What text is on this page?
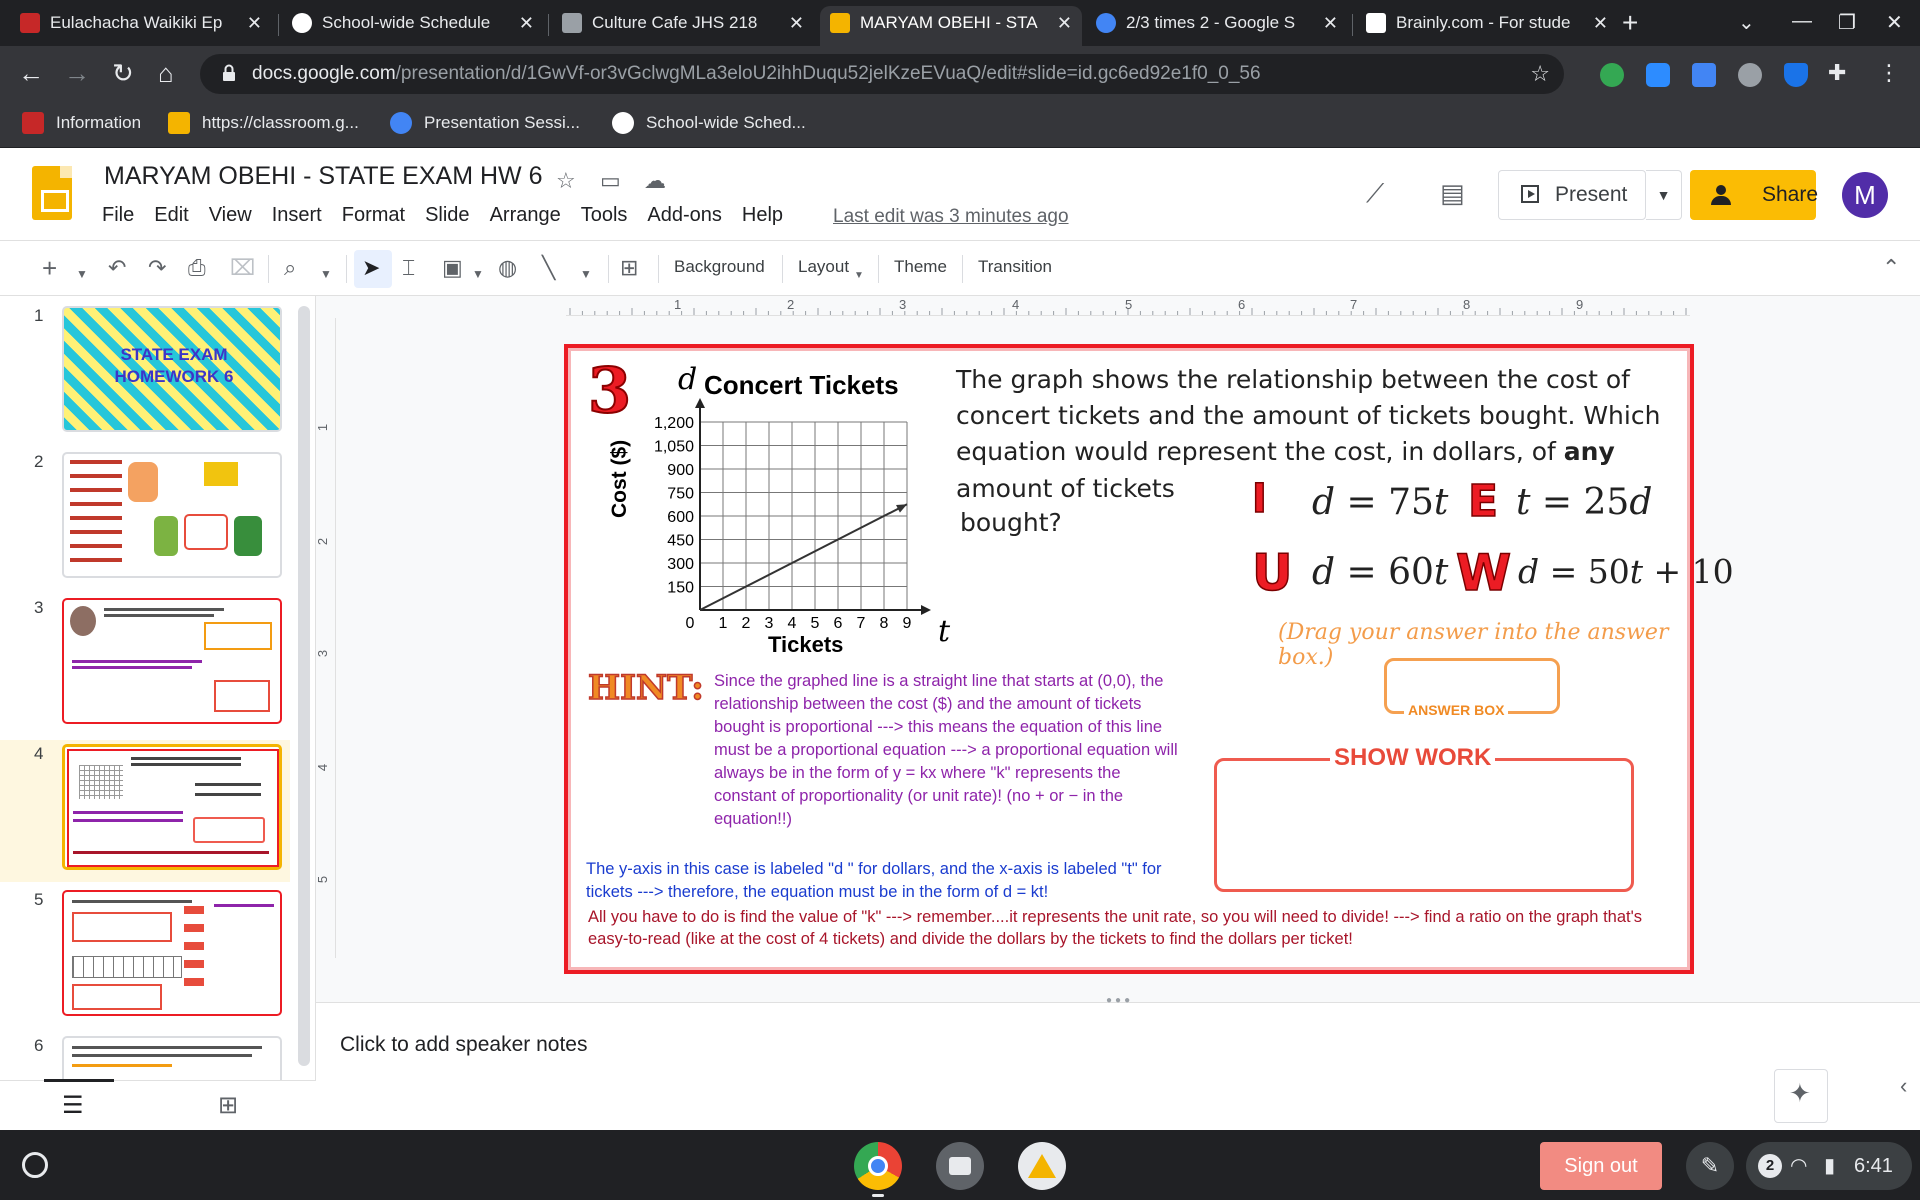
Eulachacha Waikiki Ep ✕	School-wide Schedule ✕	Culture Cafe JHS 218 ✕	MARYAM OBEHI - STA ✕	2/3 times 2 - Google S ✕	Brainly.com - For stude ✕ +	⌄ — ❐ ✕
← → ↻ ⌂	docs.google.com/presentation/d/1GwVf-or3vGclwgMLa3eloU2ihhDuqu52jelKzeEVuaQ/edit#slide=id.gc6ed92e1f0_0_56	☆	✚ ⋮
Information	https://classroom.g...	Presentation Sessi...	School-wide Sched...
MARYAM OBEHI - STATE EXAM HW 6 ☆ ▭ ☁
File Edit View Insert Format Slide Arrange Tools Add-ons Help	Last edit was 3 minutes ago
⟋ ▤	Present	▼	Share	M
+ ▼ ↶ ↷ ⎙ ⌧ ⌕ ▼ ➤ ⌶ ▣ ▼ ◍ ╲ ▼ ⊞ Background Layout ▼ Theme Transition	⌃
1
STATE EXAM HOMEWORK 6
2
3
4
5
6
☰	⊞
1	2	3	4	5	6	7	8	9
1
2
3
4
5
3 d Concert Tickets
Cost ($)
1,200
1,050
900
750
600
450
300
150
0 1 2 3 4 5 6 7 8 9 t
Tickets
The graph shows the relationship between the cost of concert tickets and the amount of tickets bought. Which equation would represent the cost, in dollars, of any
amount of tickets
bought?
I d = 75t E t = 25d
U d = 60t W d = 50t + 10
(Drag your answer into the answer box.)
ANSWER BOX
SHOW WORK
HINT: Since the graphed line is a straight line that starts at (0,0), the relationship between the cost ($) and the amount of tickets bought is proportional ---> this means the equation of this line must be a proportional equation ---> a proportional equation will always be in the form of y = kx where "k" represents the constant of proportionality (or unit rate)! (no + or − in the equation!!)
The y-axis in this case is labeled "d " for dollars, and the x-axis is labeled "t" for tickets ---> therefore, the equation must be in the form of d = kt!
All you have to do is find the value of "k" ---> remember....it represents the unit rate, so you will need to divide! ---> find a ratio on the graph that's easy-to-read (like at the cost of 4 tickets) and divide the dollars by the tickets to find the dollars per ticket!
●●●
Click to add speaker notes
✦
‹
Sign out	✎	2 ◠ ▮ 6:41
